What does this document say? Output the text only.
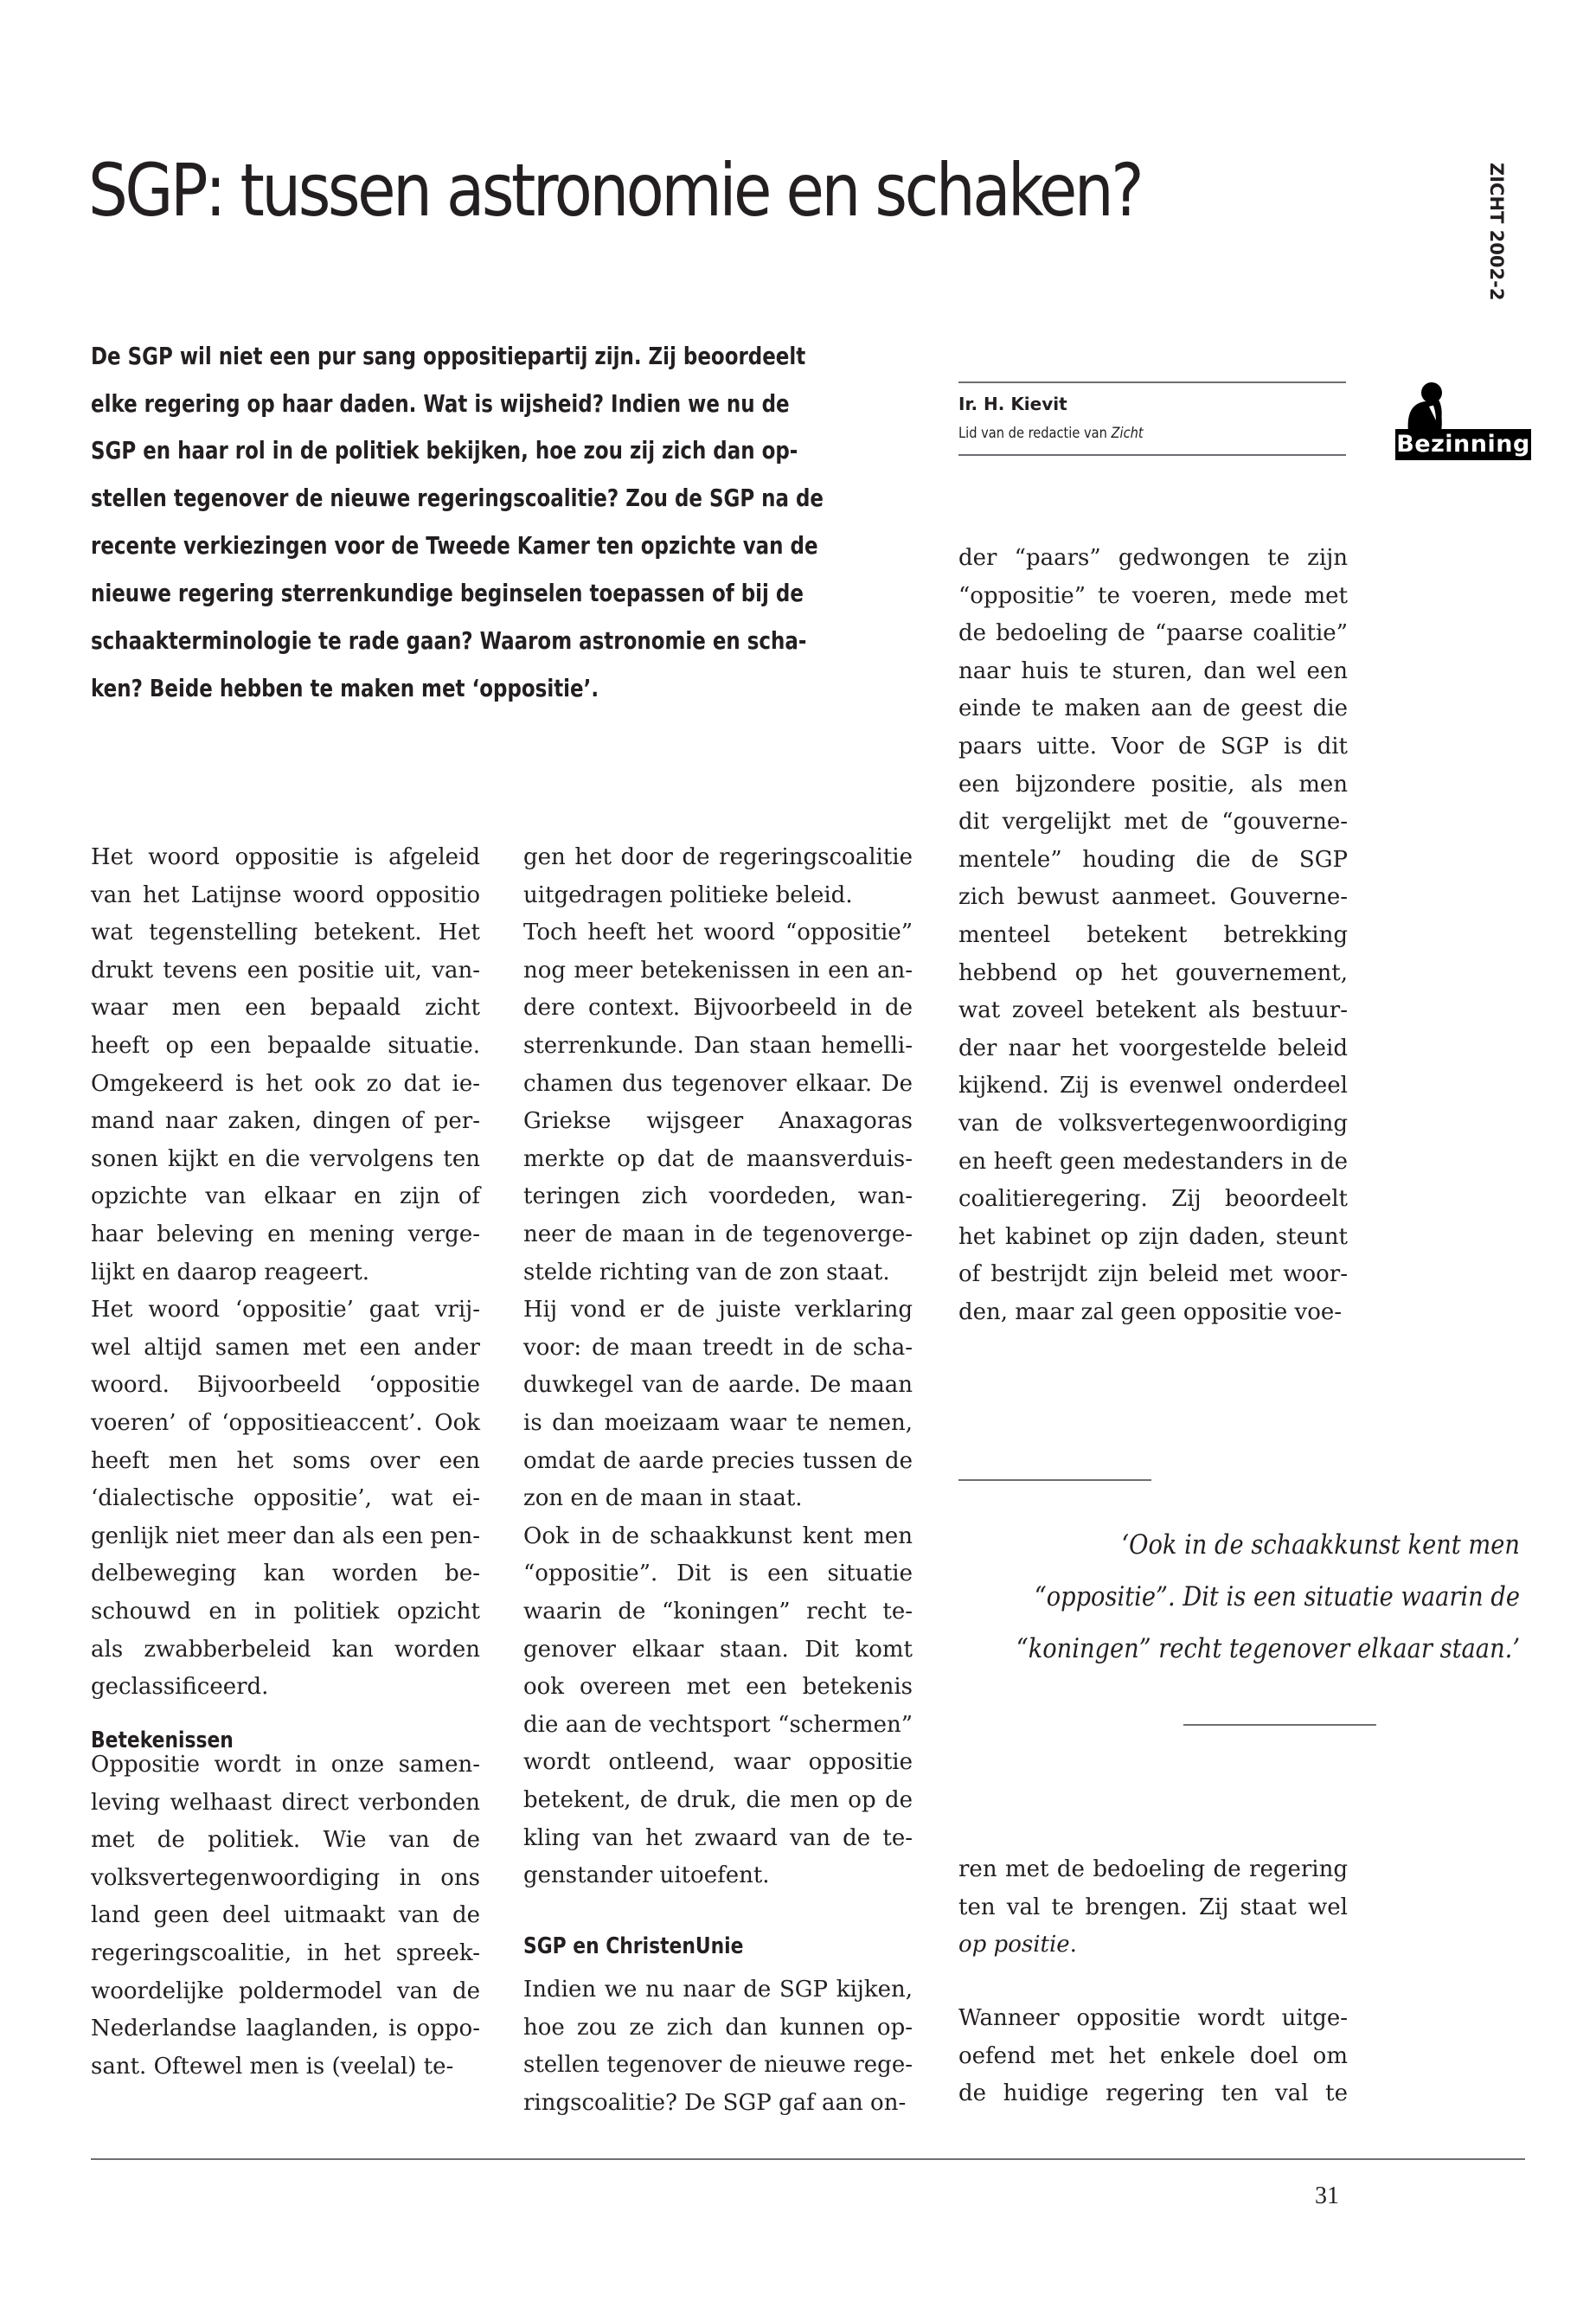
SGP: tussen astronomie en schaken?	ZICHT 2002-2
Bezinning
Ir. H. Kievit
Lid van de redactie van Zicht
De SGP wil niet een pur sang oppositiepartij zijn. Zij beoordeelt
elke regering op haar daden. Wat is wijsheid? Indien we nu de
SGP en haar rol in de politiek bekijken, hoe zou zij zich dan op-
stellen tegenover de nieuwe regeringscoalitie? Zou de SGP na de
recente verkiezingen voor de Tweede Kamer ten opzichte van de
nieuwe regering sterrenkundige beginselen toepassen of bij de
schaakterminologie te rade gaan? Waarom astronomie en scha-
ken? Beide hebben te maken met ‘oppositie’.
Het woord oppositie is afgeleid
van het Latijnse woord oppositio
wat tegenstelling betekent. Het
drukt tevens een positie uit, van-
waar men een bepaald zicht
heeft op een bepaalde situatie.
Omgekeerd is het ook zo dat ie-
mand naar zaken, dingen of per-
sonen kijkt en die vervolgens ten
opzichte van elkaar en zijn of
haar beleving en mening verge-
lijkt en daarop reageert.
Het woord ‘oppositie’ gaat vrij-
wel altijd samen met een ander
woord. Bijvoorbeeld ‘oppositie
voeren’ of ‘oppositieaccent’. Ook
heeft men het soms over een
‘dialectische oppositie’, wat ei-
genlijk niet meer dan als een pen-
delbeweging kan worden be-
schouwd en in politiek opzicht
als zwabberbeleid kan worden
geclassificeerd.
Betekenissen
Oppositie wordt in onze samen-
leving welhaast direct verbonden
met de politiek. Wie van de
volksvertegenwoordiging in ons
land geen deel uitmaakt van de
regeringscoalitie, in het spreek-
woordelijke poldermodel van de
Nederlandse laaglanden, is oppo-
sant. Oftewel men is (veelal) te-
gen het door de regeringscoalitie
uitgedragen politieke beleid.
Toch heeft het woord “oppositie”
nog meer betekenissen in een an-
dere context. Bijvoorbeeld in de
sterrenkunde. Dan staan hemelli-
chamen dus tegenover elkaar. De
Griekse wijsgeer Anaxagoras
merkte op dat de maansverduis-
teringen zich voordeden, wan-
neer de maan in de tegenoverge-
stelde richting van de zon staat.
Hij vond er de juiste verklaring
voor: de maan treedt in de scha-
duwkegel van de aarde. De maan
is dan moeizaam waar te nemen,
omdat de aarde precies tussen de
zon en de maan in staat.
Ook in de schaakkunst kent men
“oppositie”. Dit is een situatie
waarin de “koningen” recht te-
genover elkaar staan. Dit komt
ook overeen met een betekenis
die aan de vechtsport “schermen”
wordt ontleend, waar oppositie
betekent, de druk, die men op de
kling van het zwaard van de te-
genstander uitoefent.
SGP en ChristenUnie
Indien we nu naar de SGP kijken,
hoe zou ze zich dan kunnen op-
stellen tegenover de nieuwe rege-
ringscoalitie? De SGP gaf aan on-
der “paars” gedwongen te zijn
“oppositie” te voeren, mede met
de bedoeling de “paarse coalitie”
naar huis te sturen, dan wel een
einde te maken aan de geest die
paars uitte. Voor de SGP is dit
een bijzondere positie, als men
dit vergelijkt met de “gouverne-
mentele” houding die de SGP
zich bewust aanmeet. Gouverne-
menteel betekent betrekking
hebbend op het gouvernement,
wat zoveel betekent als bestuur-
der naar het voorgestelde beleid
kijkend. Zij is evenwel onderdeel
van de volksvertegenwoordiging
en heeft geen medestanders in de
coalitieregering. Zij beoordeelt
het kabinet op zijn daden, steunt
of bestrijdt zijn beleid met woor-
den, maar zal geen oppositie voe-
ren met de bedoeling de regering
ten val te brengen. Zij staat wel
op positie.
Wanneer oppositie wordt uitge-
oefend met het enkele doel om
de huidige regering ten val te
‘Ook in de schaakkunst kent men
“oppositie”. Dit is een situatie waarin de
“koningen” recht tegenover elkaar staan.’
31
